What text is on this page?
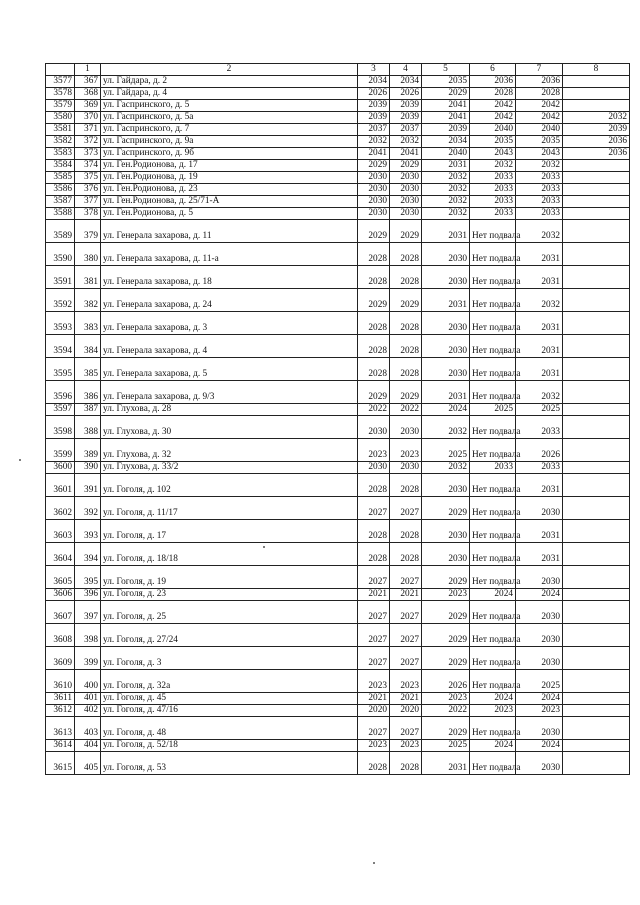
	1	2	3	4	5	6	7	8
3577	367	ул. Гайдара, д. 2	2034	2034	2035	2036	2036	
3578	368	ул. Гайдара, д. 4	2026	2026	2029	2028	2028	
3579	369	ул. Гаспринского, д. 5	2039	2039	2041	2042	2042	
3580	370	ул. Гаспринского, д. 5а	2039	2039	2041	2042	2042	2032
3581	371	ул. Гаспринского, д. 7	2037	2037	2039	2040	2040	2039
3582	372	ул. Гаспринского, д. 9а	2032	2032	2034	2035	2035	2036
3583	373	ул. Гаспринского, д. 9б	2041	2041	2040	2043	2043	2036
3584	374	ул. Ген.Родионова, д. 17	2029	2029	2031	2032	2032	
3585	375	ул. Ген.Родионова, д. 19	2030	2030	2032	2033	2033	
3586	376	ул. Ген.Родионова, д. 23	2030	2030	2032	2033	2033	
3587	377	ул. Ген.Родионова, д. 25/71-А	2030	2030	2032	2033	2033	
3588	378	ул. Ген.Родионова, д. 5	2030	2030	2032	2033	2033	
3589	379	ул. Генерала захарова, д. 11	2029	2029	2031	Нет подвала	2032	
3590	380	ул. Генерала захарова, д. 11-а	2028	2028	2030	Нет подвала	2031	
3591	381	ул. Генерала захарова, д. 18	2028	2028	2030	Нет подвала	2031	
3592	382	ул. Генерала захарова, д. 24	2029	2029	2031	Нет подвала	2032	
3593	383	ул. Генерала захарова, д. 3	2028	2028	2030	Нет подвала	2031	
3594	384	ул. Генерала захарова, д. 4	2028	2028	2030	Нет подвала	2031	
3595	385	ул. Генерала захарова, д. 5	2028	2028	2030	Нет подвала	2031	
3596	386	ул. Генерала захарова, д. 9/3	2029	2029	2031	Нет подвала	2032	
3597	387	ул. Глухова, д. 28	2022	2022	2024	2025	2025	
3598	388	ул. Глухова, д. 30	2030	2030	2032	Нет подвала	2033	
3599	389	ул. Глухова, д. 32	2023	2023	2025	Нет подвала	2026	
3600	390	ул. Глухова, д. 33/2	2030	2030	2032	2033	2033	
3601	391	ул. Гоголя, д. 102	2028	2028	2030	Нет подвала	2031	
3602	392	ул. Гоголя, д. 11/17	2027	2027	2029	Нет подвала	2030	
3603	393	ул. Гоголя, д. 17	2028	2028	2030	Нет подвала	2031	
3604	394	ул. Гоголя, д. 18/18	2028	2028	2030	Нет подвала	2031	
3605	395	ул. Гоголя, д. 19	2027	2027	2029	Нет подвала	2030	
3606	396	ул. Гоголя, д. 23	2021	2021	2023	2024	2024	
3607	397	ул. Гоголя, д. 25	2027	2027	2029	Нет подвала	2030	
3608	398	ул. Гоголя, д. 27/24	2027	2027	2029	Нет подвала	2030	
3609	399	ул. Гоголя, д. 3	2027	2027	2029	Нет подвала	2030	
3610	400	ул. Гоголя, д. 32а	2023	2023	2026	Нет подвала	2025	
3611	401	ул. Гоголя, д. 45	2021	2021	2023	2024	2024	
3612	402	ул. Гоголя, д. 47/16	2020	2020	2022	2023	2023	
3613	403	ул. Гоголя, д. 48	2027	2027	2029	Нет подвала	2030	
3614	404	ул. Гоголя, д. 52/18	2023	2023	2025	2024	2024	
3615	405	ул. Гоголя, д. 53	2028	2028	2031	Нет подвала	2030	
